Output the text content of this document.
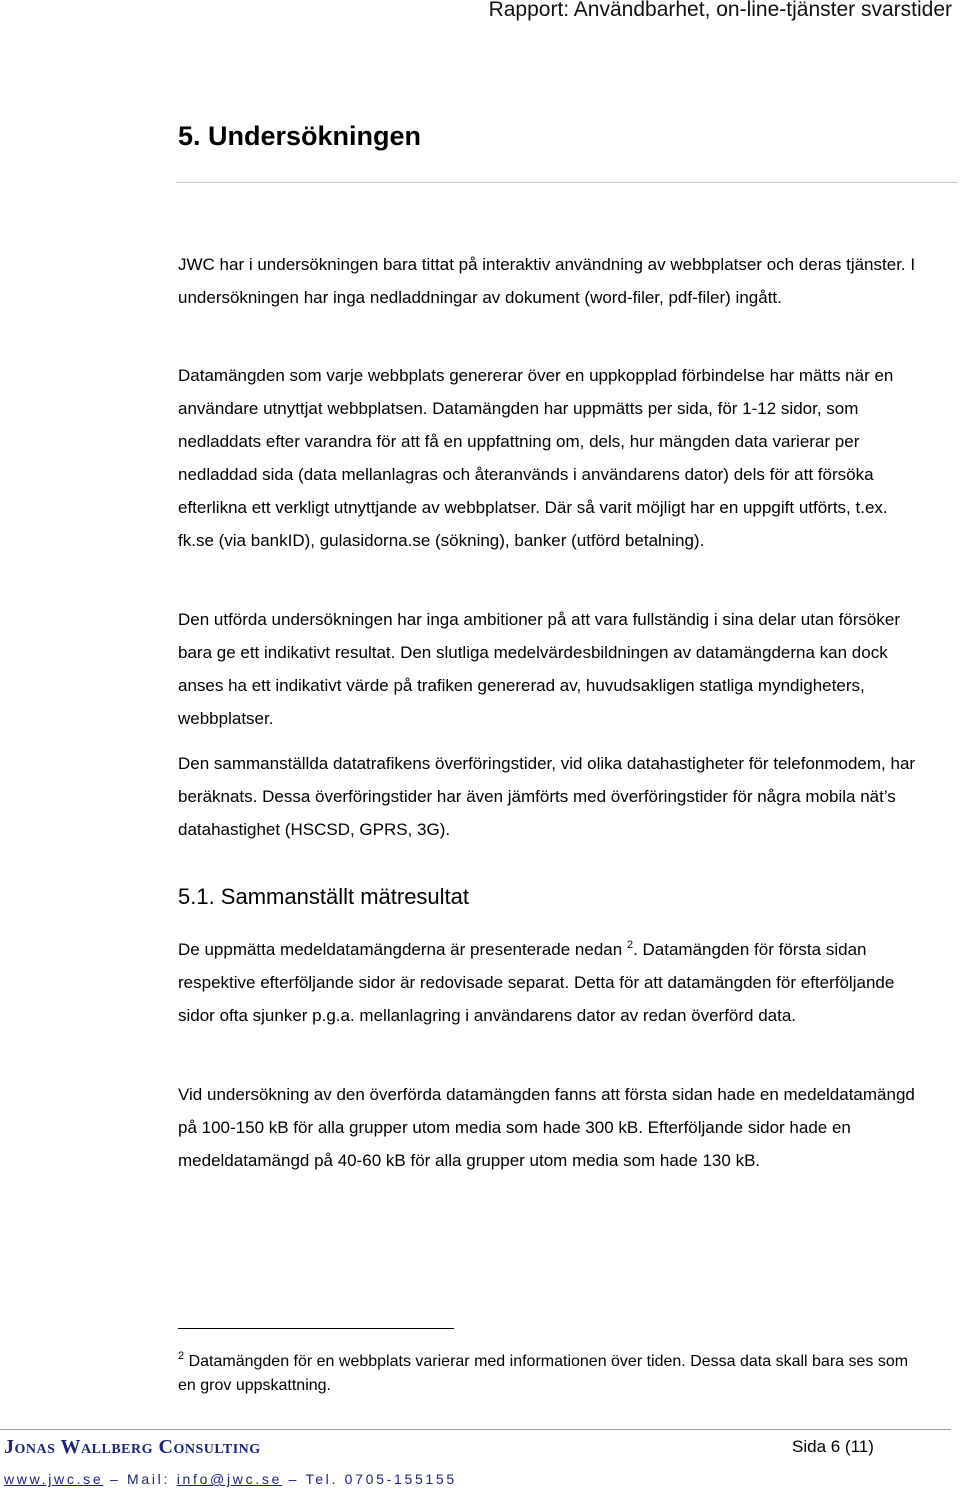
Rapport: Användbarhet, on-line-tjänster svarstider
5. Undersökningen

JWC har i undersökningen bara tittat på interaktiv användning av webbplatser och deras tjänster. I undersökningen har inga nedladdningar av dokument (word-filer, pdf-filer) ingått.

Datamängden som varje webbplats genererar över en uppkopplad förbindelse har mätts när en användare utnyttjat webbplatsen. Datamängden har uppmätts per sida, för 1-12 sidor, som nedladdats efter varandra för att få en uppfattning om, dels, hur mängden data varierar per nedladdad sida (data mellanlagras och återanvänds i användarens dator) dels för att försöka efterlikna ett verkligt utnyttjande av webbplatser. Där så varit möjligt har en uppgift utförts, t.ex. fk.se (via bankID), gulasidorna.se (sökning), banker (utförd betalning).

Den utförda undersökningen har inga ambitioner på att vara fullständig i sina delar utan försöker bara ge ett indikativt resultat. Den slutliga medelvärdesbildningen av datamängderna kan dock anses ha ett indikativt värde på trafiken genererad av, huvudsakligen statliga myndigheters, webbplatser.

Den sammanställda datatrafikens överföringstider, vid olika datahastigheter för telefonmodem, har beräknats. Dessa överföringstider har även jämförts med överföringstider för några mobila nät’s datahastighet (HSCSD, GPRS, 3G).

5.1. Sammanställt mätresultat

De uppmätta medeldatamängderna är presenterade nedan $^2$. Datamängden för första sidan respektive efterföljande sidor är redovisade separat. Detta för att datamängden för efterföljande sidor ofta sjunker p.g.a. mellanlagring i användarens dator av redan överförd data.

Vid undersökning av den överförda datamängden fanns att första sidan hade en medeldatamängd på 100-150 kB för alla grupper utom media som hade 300 kB. Efterföljande sidor hade en medeldatamängd på 40-60 kB för alla grupper utom media som hade 130 kB.

$^2$ Datamängden för en webbplats varierar med informationen över tiden. Dessa data skall bara ses som en grov uppskattning.
Jonas Wallberg Consulting	Sida 6 (11)
www.jwc.se – Mail: info@jwc.se – Tel. 0705-155155
